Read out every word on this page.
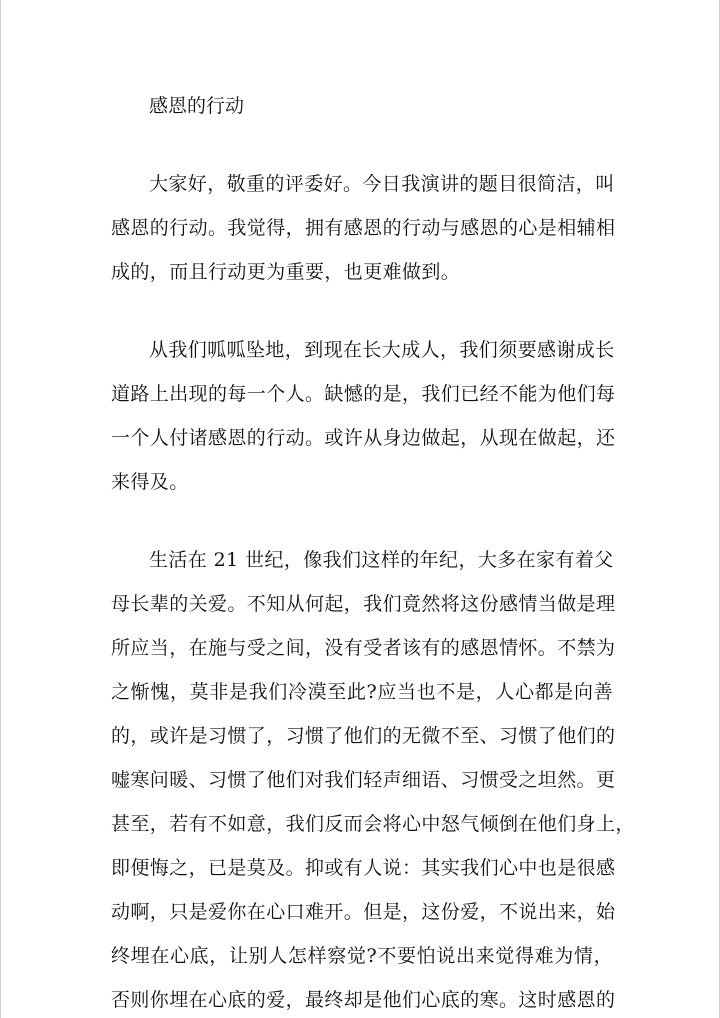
感恩的行动
大家好，敬重的评委好。今日我演讲的题目很简洁，叫
感恩的行动。我觉得，拥有感恩的行动与感恩的心是相辅相
成的，而且行动更为重要，也更难做到。
从我们呱呱坠地，到现在长大成人，我们须要感谢成长
道路上出现的每一个人。缺憾的是，我们已经不能为他们每
一个人付诸感恩的行动。或许从身边做起，从现在做起，还
来得及。
生活在 21 世纪，像我们这样的年纪，大多在家有着父
母长辈的关爱。不知从何起，我们竟然将这份感情当做是理
所应当，在施与受之间，没有受者该有的感恩情怀。不禁为
之惭愧，莫非是我们冷漠至此?应当也不是，人心都是向善
的，或许是习惯了，习惯了他们的无微不至、习惯了他们的
嘘寒问暖、习惯了他们对我们轻声细语、习惯受之坦然。更
甚至，若有不如意，我们反而会将心中怒气倾倒在他们身上，
即便悔之，已是莫及。抑或有人说：其实我们心中也是很感
动啊，只是爱你在心口难开。但是，这份爱，不说出来，始
终埋在心底，让别人怎样察觉?不要怕说出来觉得难为情，
否则你埋在心底的爱，最终却是他们心底的寒。这时感恩的
